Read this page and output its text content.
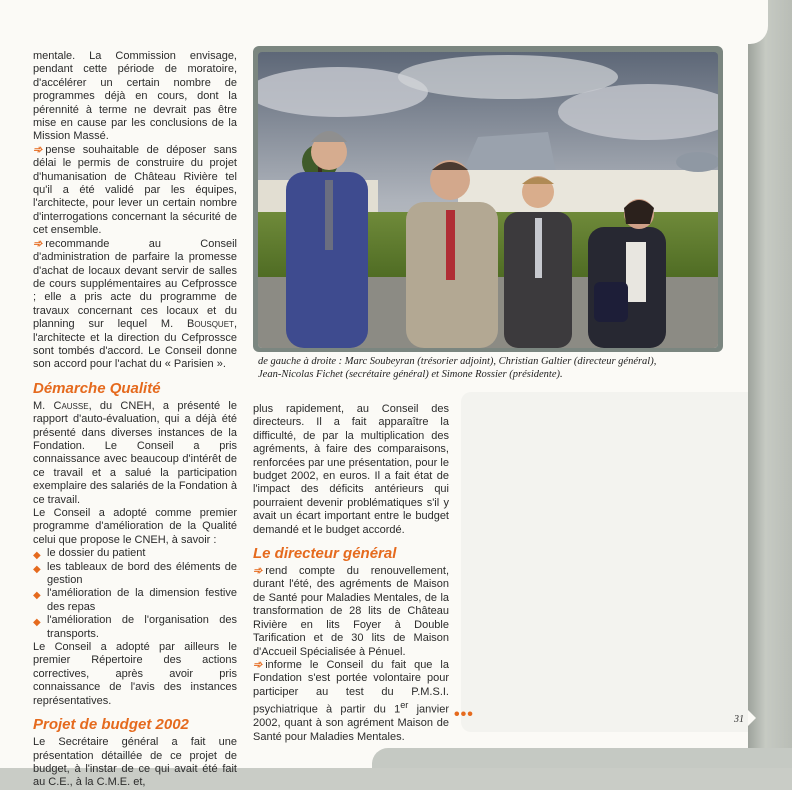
mentale. La Commission envisage, pendant cette période de moratoire, d'accélérer un certain nombre de programmes déjà en cours, dont la pérennité à terme ne devrait pas être mise en cause par les conclusions de la Mission Massé.

➾ pense souhaitable de déposer sans délai le permis de construire du projet d'humanisation de Château Rivière tel qu'il a été validé par les équipes, l'architecte, pour lever un certain nombre d'interrogations concernant la sécurité de cet ensemble.

➾ recommande au Conseil d'administration de parfaire la promesse d'achat de locaux devant servir de salles de cours supplémentaires au Cefprossce ; elle a pris acte du programme de travaux concernant ces locaux et du planning sur lequel M. Bousquet, l'architecte et la direction du Cefprossce sont tombés d'accord. Le Conseil donne son accord pour l'achat du « Parisien ».

Démarche Qualité

M. Causse, du CNEH, a présenté le rapport d'auto-évaluation, qui a déjà été présenté dans diverses instances de la Fondation. Le Conseil a pris connaissance avec beaucoup d'intérêt de ce travail et a salué la participation exemplaire des salariés de la Fondation à ce travail.

Le Conseil a adopté comme premier programme d'amélioration de la Qualité celui que propose le CNEH, à savoir :

◆ le dossier du patient
◆ les tableaux de bord des éléments de gestion
◆ l'amélioration de la dimension festive des repas
◆ l'amélioration de l'organisation des transports.

Le Conseil a adopté par ailleurs le premier Répertoire des actions correctives, après avoir pris connaissance de l'avis des instances représentatives.

Projet de budget 2002

Le Secrétaire général a fait une présentation détaillée de ce projet de budget, à l'instar de ce qui avait été fait au C.E., à la C.M.E. et,

de gauche à droite : Marc Soubeyran (trésorier adjoint), Christian Galtier (directeur général),
Jean-Nicolas Fichet (secrétaire général) et Simone Rossier (présidente).

plus rapidement, au Conseil des directeurs. Il a fait apparaître la difficulté, de par la multiplication des agréments, à faire des comparaisons, renforcées par une présentation, pour le budget 2002, en euros. Il a fait état de l'impact des déficits antérieurs qui pourraient devenir problématiques s'il y avait un écart important entre le budget demandé et le budget accordé.

Le directeur général

➾ rend compte du renouvellement, durant l'été, des agréments de Maison de Santé pour Maladies Mentales, de la transformation de 28 lits de Château Rivière en lits Foyer à Double Tarification et de 30 lits de Maison d'Accueil Spécialisée à Pénuel.

➾ informe le Conseil du fait que la Fondation s'est portée volontaire pour participer au test du P.M.S.I. psychiatrique à partir du 1er janvier 2002, quant à son agrément Maison de Santé pour Maladies Mentales.

•••	31
